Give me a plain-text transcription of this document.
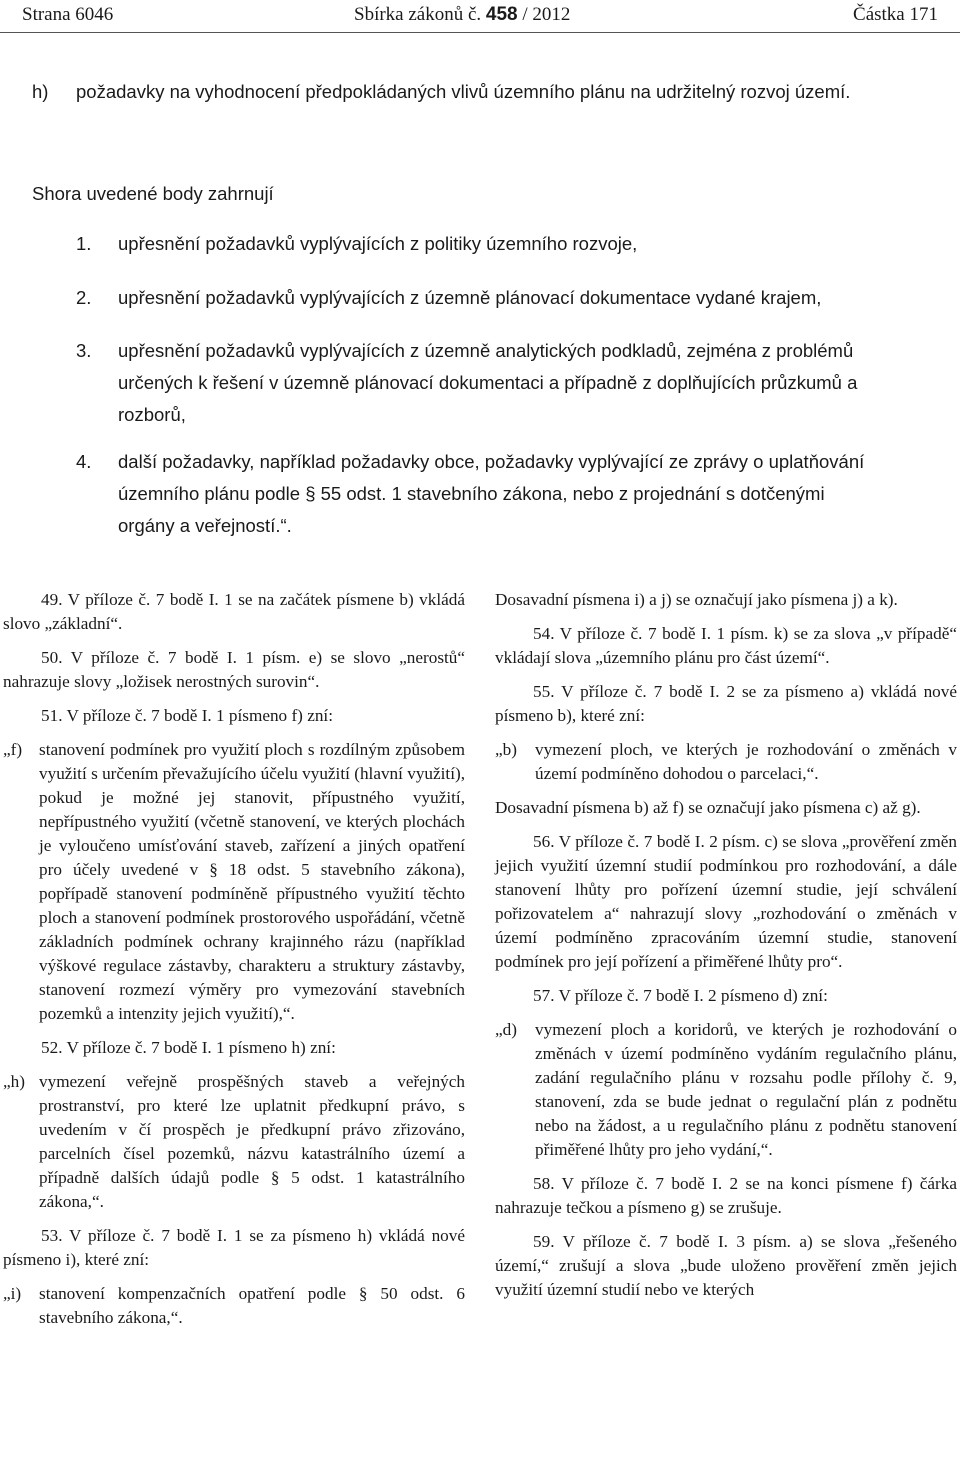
Strana 6046	Sbírka zákonů č. 458 / 2012	Částka 171
h) požadavky na vyhodnocení předpokládaných vlivů územního plánu na udržitelný rozvoj území.
Shora uvedené body zahrnují
1. upřesnění požadavků vyplývajících z politiky územního rozvoje,
2. upřesnění požadavků vyplývajících z územně plánovací dokumentace vydané krajem,
3. upřesnění požadavků vyplývajících z územně analytických podkladů, zejména z problémů
určených k řešení v územně plánovací dokumentaci a případně z doplňujících průzkumů a
rozborů,
4. další požadavky, například požadavky obce, požadavky vyplývající ze zprávy o uplatňování
územního plánu podle § 55 odst. 1 stavebního zákona, nebo z projednání s dotčenými
orgány a veřejností.“.

49. V příloze č. 7 bodě I. 1 se na začátek písmene b) vkládá slovo „základní“.

50. V příloze č. 7 bodě I. 1 písm. e) se slovo „nerostů“ nahrazuje slovy „ložisek nerostných surovin“.

51. V příloze č. 7 bodě I. 1 písmeno f) zní:

„f) stanovení podmínek pro využití ploch s rozdílným způsobem využití s určením převažujícího účelu využití (hlavní využití), pokud je možné jej stanovit, přípustného využití, nepřípustného využití (včetně stanovení, ve kterých plochách je vyloučeno umísťování staveb, zařízení a jiných opatření pro účely uvedené v § 18 odst. 5 stavebního zákona), popřípadě stanovení podmíněně přípustného využití těchto ploch a stanovení podmínek prostorového uspořádání, včetně základních podmínek ochrany krajinného rázu (například výškové regulace zástavby, charakteru a struktury zástavby, stanovení rozmezí výměry pro vymezování stavebních pozemků a intenzity jejich využití),“.

52. V příloze č. 7 bodě I. 1 písmeno h) zní:

„h) vymezení veřejně prospěšných staveb a veřejných prostranství, pro které lze uplatnit předkupní právo, s uvedením v čí prospěch je předkupní právo zřizováno, parcelních čísel pozemků, názvu katastrálního území a případně dalších údajů podle § 5 odst. 1 katastrálního zákona,“.

53. V příloze č. 7 bodě I. 1 se za písmeno h) vkládá nové písmeno i), které zní:

„i)	stanovení kompenzačních opatření podle § 50 odst. 6 stavebního zákona,“.

Dosavadní písmena i) a j) se označují jako písmena j) a k).

54. V příloze č. 7 bodě I. 1 písm. k) se za slova „v případě“ vkládají slova „územního plánu pro část území“.

55. V příloze č. 7 bodě I. 2 se za písmeno a) vkládá nové písmeno b), které zní:

„b)	vymezení ploch, ve kterých je rozhodování o změnách v území podmíněno dohodou o parcelaci,“.

Dosavadní písmena b) až f) se označují jako písmena c) až g).

56. V příloze č. 7 bodě I. 2 písm. c) se slova „prověření změn jejich využití územní studií podmínkou pro rozhodování, a dále stanovení lhůty pro pořízení územní studie, její schválení pořizovatelem a“ nahrazují slovy „rozhodování o změnách v území podmíněno zpracováním územní studie, stanovení podmínek pro její pořízení a přiměřené lhůty pro“.

57. V příloze č. 7 bodě I. 2 písmeno d) zní:

„d)	vymezení ploch a koridorů, ve kterých je rozhodování o změnách v území podmíněno vydáním regulačního plánu, zadání regulačního plánu v rozsahu podle přílohy č. 9, stanovení, zda se bude jednat o regulační plán z podnětu nebo na žádost, a u regulačního plánu z podnětu stanovení přiměřené lhůty pro jeho vydání,“.

58. V příloze č. 7 bodě I. 2 se na konci písmene f) čárka nahrazuje tečkou a písmeno g) se zrušuje.

59. V příloze č. 7 bodě I. 3 písm. a) se slova „řešeného území,“ zrušují a slova „bude uloženo prověření změn jejich využití územní studií nebo ve kterých
